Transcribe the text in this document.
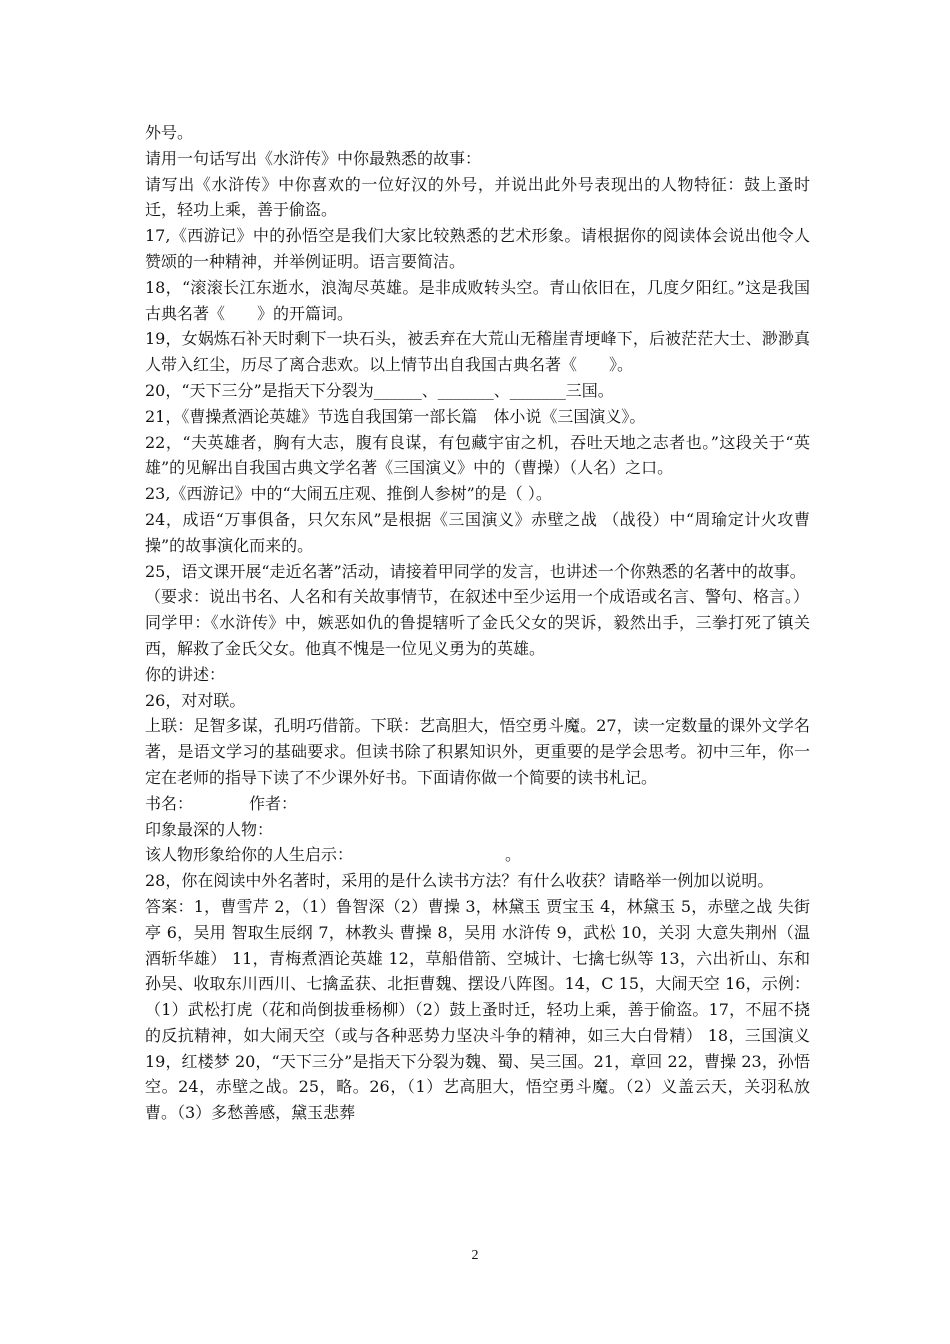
外号。

请用一句话写出《水浒传》中你最熟悉的故事：

请写出《水浒传》中你喜欢的一位好汉的外号，并说出此外号表现出的人物特征：鼓上蚤时迁，轻功上乘，善于偷盗。

17,《西游记》中的孙悟空是我们大家比较熟悉的艺术形象。请根据你的阅读体会说出他令人赞颂的一种精神，并举例证明。语言要简洁。

18，“滚滚长江东逝水，浪淘尽英雄。是非成败转头空。青山依旧在，几度夕阳红。”这是我国古典名著《　　》的开篇词。

19，女娲炼石补天时剩下一块石头，被丢弃在大荒山无稽崖青埂峰下，后被茫茫大士、渺渺真人带入红尘，历尽了离合悲欢。以上情节出自我国古典名著《　　》。

20，“天下三分”是指天下分裂为______、_______、_______三国。

21，《曹操煮酒论英雄》节选自我国第一部长篇　体小说《三国演义》。

22，“夫英雄者，胸有大志，腹有良谋，有包藏宇宙之机，吞吐天地之志者也。”这段关于“英雄”的见解出自我国古典文学名著《三国演义》中的（曹操）（人名）之口。

23,《西游记》中的“大闹五庄观、推倒人参树”的是（ ）。

24，成语“万事俱备，只欠东风”是根据《三国演义》赤壁之战 （战役）中“周瑜定计火攻曹操”的故事演化而来的。

25，语文课开展“走近名著”活动，请接着甲同学的发言，也讲述一个你熟悉的名著中的故事。

（要求：说出书名、人名和有关故事情节，在叙述中至少运用一个成语或名言、警句、格言。）

同学甲：《水浒传》中，嫉恶如仇的鲁提辖听了金氏父女的哭诉，毅然出手，三拳打死了镇关西，解救了金氏父女。他真不愧是一位见义勇为的英雄。

你的讲述：

26，对对联。

上联：足智多谋，孔明巧借箭。下联：艺高胆大，悟空勇斗魔。27，读一定数量的课外文学名著，是语文学习的基础要求。但读书除了积累知识外，更重要的是学会思考。初中三年，你一定在老师的指导下读了不少课外好书。下面请你做一个简要的读书札记。

书名：　　　　作者：

印象最深的人物：

该人物形象给你的人生启示：　　　　　　　　　　。

28，你在阅读中外名著时，采用的是什么读书方法？有什么收获？请略举一例加以说明。

答案：1，曹雪芹 2，（1）鲁智深（2）曹操 3，林黛玉 贾宝玉 4，林黛玉 5，赤壁之战 失街亭 6，吴用 智取生辰纲 7，林教头 曹操 8，吴用 水浒传 9，武松 10，关羽 大意失荆州（温酒斩华雄） 11，青梅煮酒论英雄 12，草船借箭、空城计、七擒七纵等 13，六出祈山、东和孙吴、收取东川西川、七擒孟获、北拒曹魏、摆设八阵图。14，C 15，大闹天空 16，示例：（1）武松打虎（花和尚倒拔垂杨柳）（2）鼓上蚤时迁，轻功上乘，善于偷盗。17，不屈不挠的反抗精神，如大闹天空（或与各种恶势力坚决斗争的精神，如三大白骨精） 18，三国演义 19，红楼梦 20，“天下三分”是指天下分裂为魏、蜀、吴三国。21，章回 22，曹操 23，孙悟空。24，赤壁之战。25，略。26，（1）艺高胆大，悟空勇斗魔。（2）义盖云天，关羽私放曹。（3）多愁善感，黛玉悲葬

2
